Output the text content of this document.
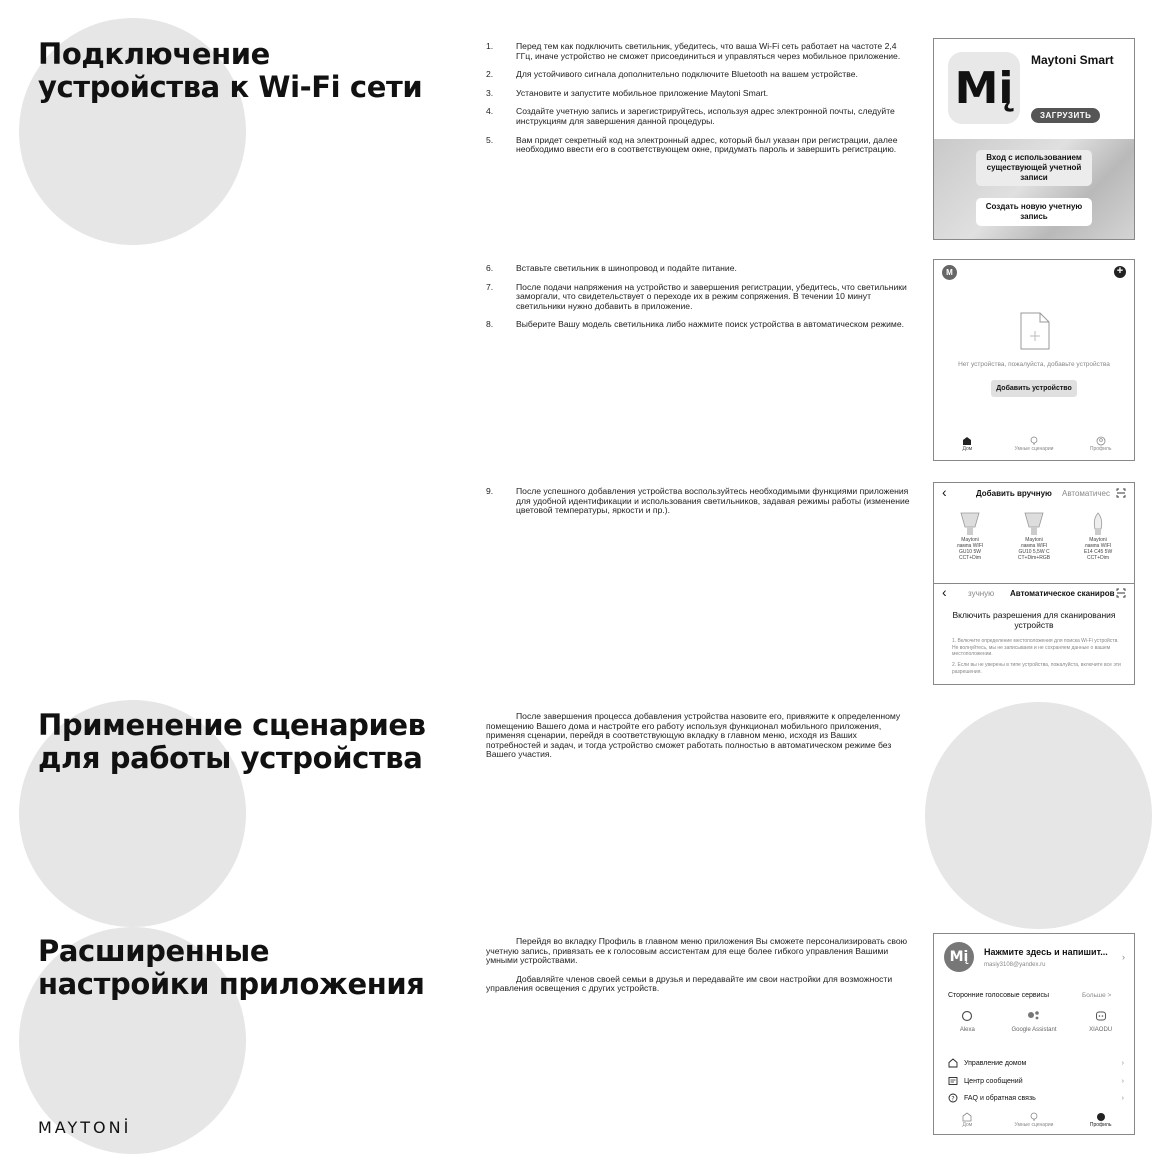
Подключение
устройства к Wi-Fi сети
Применение сценариев
для работы устройства
Расширенные
настройки приложения
MAYTONİ
1.	Перед тем как подключить светильник, убедитесь, что ваша Wi-Fi сеть работает на частоте 2,4 ГГц, иначе устройство не сможет присоединиться и управляться через мобильное приложение.
2.	Для устойчивого сигнала дополнительно подключите Bluetooth на вашем устройстве.
3.	Установите и запустите мобильное приложение Maytoni Smart.
4.	Создайте учетную запись и зарегистрируйтесь, используя адрес электронной почты, следуйте инструкциям для завершения данной процедуры.
5.	Вам придет секретный код на электронный адрес, который был указан при регистрации, далее необходимо ввести его в соответствующем окне, придумать пароль и завершить регистрацию.
6.	Вставьте светильник в шинопровод и подайте питание.
7.	После подачи напряжения на устройство и завершения регистрации, убедитесь, что светильники заморгали, что свидетельствует о переходе их в режим сопряжения. В течении 10 минут светильники нужно добавить в приложение.
8.	Выберите Вашу модель светильника либо нажмите поиск устройства в автоматическом режиме.
9.	После успешного добавления устройства воспользуйтесь необходимыми функциями приложения для удобной идентификации и использования светильников, задавая режимы работы (изменение цветовой температуры, яркости и пр.).

После завершения процесса добавления устройства назовите его, привяжите к определенному помещению Вашего дома и настройте его работу используя функционал мобильного приложения, применяя сценарии, перейдя в соответствующую вкладку в главном меню, исходя из Ваших потребностей и задач, и тогда устройство сможет работать полностью в автоматическом режиме без Вашего участия.

Перейдя во вкладку Профиль в главном меню приложения Вы сможете персонализировать свою учетную запись, привязать ее к голосовым ассистентам для еще более гибкого управления Вашими умными устройствами.

Добавляйте членов своей семьи в друзья и передавайте им свои настройки для возможности управления освещения с других устройств.

Mį
Maytoni Smart
ЗАГРУЗИТЬ
Вход с использованием существующей учетной записи
Создать новую учетную запись
M	+
Нет устройства, пожалуйста, добавьте устройства
Добавить устройство
Дом	Умные сценарии	Профиль
‹	Добавить вручную Автоматичес
Maytoni
лампа WIFI
GU10 5W
CCT+Dim
Maytoni
лампа WIFI
GU10 5,5W C
CT+Dim+RGB
Maytoni
лампа WIFI
E14 C45 5W
CCT+Dim
‹	зучную Автоматическое сканиров
Включить разрешения для сканирования
устройств
1. Включите определение местоположения для поиска Wi-Fi устройств. Не волнуйтесь, мы не записываем и не сохраняем данные о вашем местоположении.
2. Если вы не уверены в типе устройства, пожалуйста, включите все эти разрешения.
Mį	Нажмите здесь и напишит...
masiy3108@yandex.ru
›
Сторонние голосовые сервисы	Больше >
Alexa	Google Assistant	XIAODU
Управление домом	›
Центр сообщений	›
? FAQ и обратная связь	›
Дом	Умные сценарии	Профиль
